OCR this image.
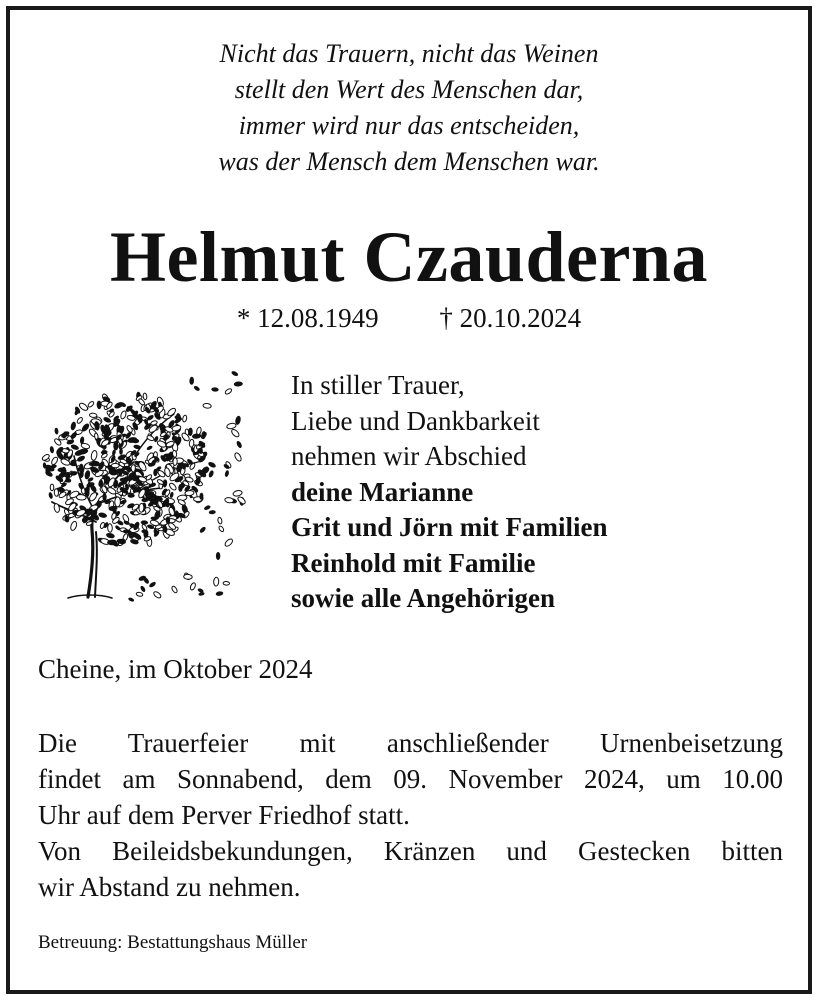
Nicht das Trauern, nicht das Weinen
stellt den Wert des Menschen dar,
immer wird nur das entscheiden,
was der Mensch dem Menschen war.
Helmut Czauderna
* 12.08.1949 † 20.10.2024
In stiller Trauer,
Liebe und Dankbarkeit
nehmen wir Abschied
deine Marianne
Grit und Jörn mit Familien
Reinhold mit Familie
sowie alle Angehörigen
Cheine, im Oktober 2024
Die Trauerfeier mit anschließender Urnenbeisetzung
findet am Sonnabend, dem 09. November 2024, um 10.00
Uhr auf dem Perver Friedhof statt.
Von Beileidsbekundungen, Kränzen und Gestecken bitten
wir Abstand zu nehmen.
Betreuung: Bestattungshaus Müller
